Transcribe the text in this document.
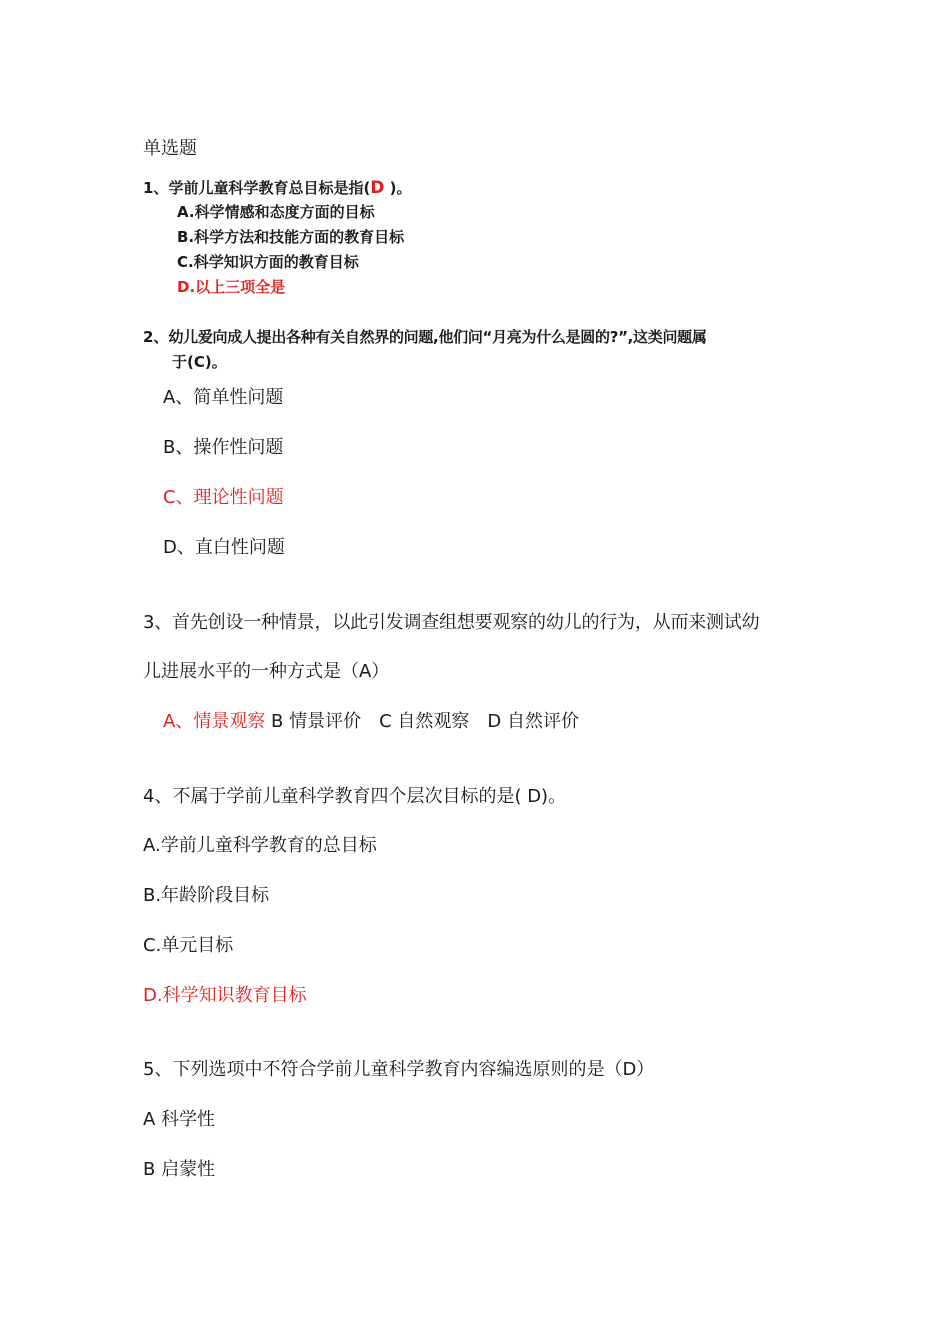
单选题
1、学前儿童科学教育总目标是指(D )。
A.科学情感和态度方面的目标
B.科学方法和技能方面的教育目标
C.科学知识方面的教育目标
D.以上三项全是
2、幼儿爱向成人提出各种有关自然界的问题,他们问“月亮为什么是圆的?”,这类问题属
于(C)。
A、简单性问题
B、操作性问题
C、理论性问题
D、直白性问题
3、首先创设一种情景，以此引发调查组想要观察的幼儿的行为，从而来测试幼
儿进展水平的一种方式是（A）
A、情景观察 B 情景评价　C 自然观察　D 自然评价
4、不属于学前儿童科学教育四个层次目标的是( D)。
A.学前儿童科学教育的总目标
B.年龄阶段目标
C.单元目标
D.科学知识教育目标
5、下列选项中不符合学前儿童科学教育内容编选原则的是（D）
A 科学性
B 启蒙性
